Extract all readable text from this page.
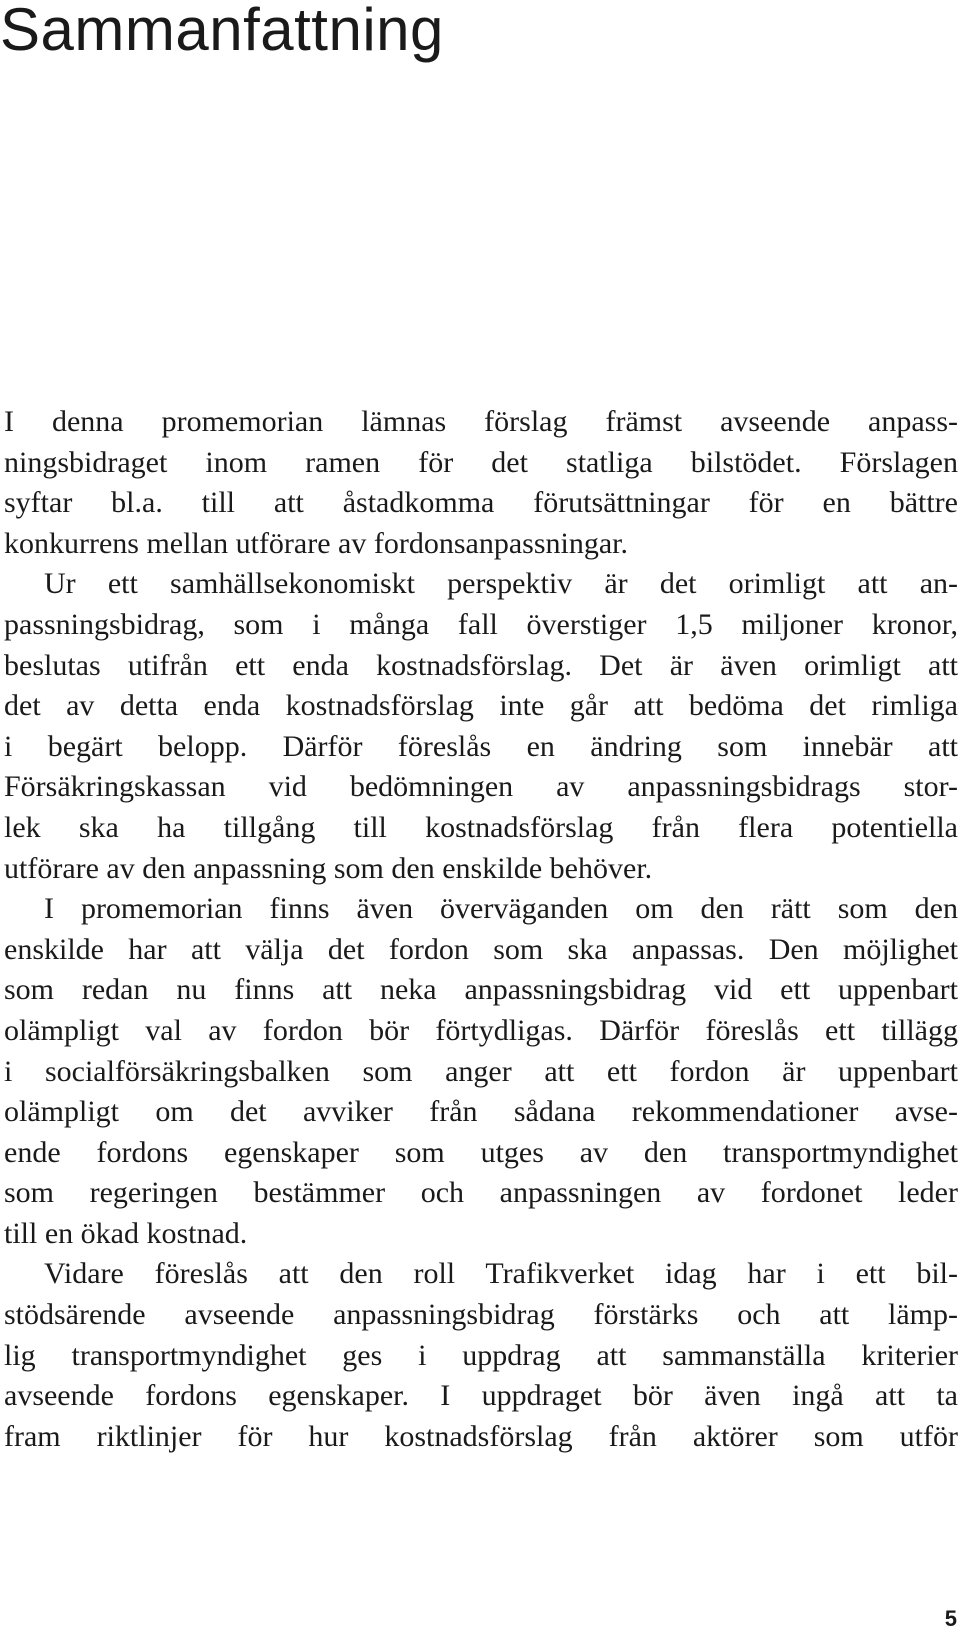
Sammanfattning

I denna promemorian lämnas förslag främst avseende anpass-
ningsbidraget inom ramen för det statliga bilstödet. Förslagen
syftar bl.a. till att åstadkomma förutsättningar för en bättre
konkurrens mellan utförare av fordonsanpassningar.

Ur ett samhällsekonomiskt perspektiv är det orimligt att an-
passningsbidrag, som i många fall överstiger 1,5 miljoner kronor,
beslutas utifrån ett enda kostnadsförslag. Det är även orimligt att
det av detta enda kostnadsförslag inte går att bedöma det rimliga
i begärt belopp. Därför föreslås en ändring som innebär att
Försäkringskassan vid bedömningen av anpassningsbidrags stor-
lek ska ha tillgång till kostnadsförslag från flera potentiella
utförare av den anpassning som den enskilde behöver.

I promemorian finns även överväganden om den rätt som den
enskilde har att välja det fordon som ska anpassas. Den möjlighet
som redan nu finns att neka anpassningsbidrag vid ett uppenbart
olämpligt val av fordon bör förtydligas. Därför föreslås ett tillägg
i socialförsäkringsbalken som anger att ett fordon är uppenbart
olämpligt om det avviker från sådana rekommendationer avse-
ende fordons egenskaper som utges av den transportmyndighet
som regeringen bestämmer och anpassningen av fordonet leder
till en ökad kostnad.

Vidare föreslås att den roll Trafikverket idag har i ett bil-
stödsärende avseende anpassningsbidrag förstärks och att lämp-
lig transportmyndighet ges i uppdrag att sammanställa kriterier
avseende fordons egenskaper. I uppdraget bör även ingå att ta
fram riktlinjer för hur kostnadsförslag från aktörer som utför

5
